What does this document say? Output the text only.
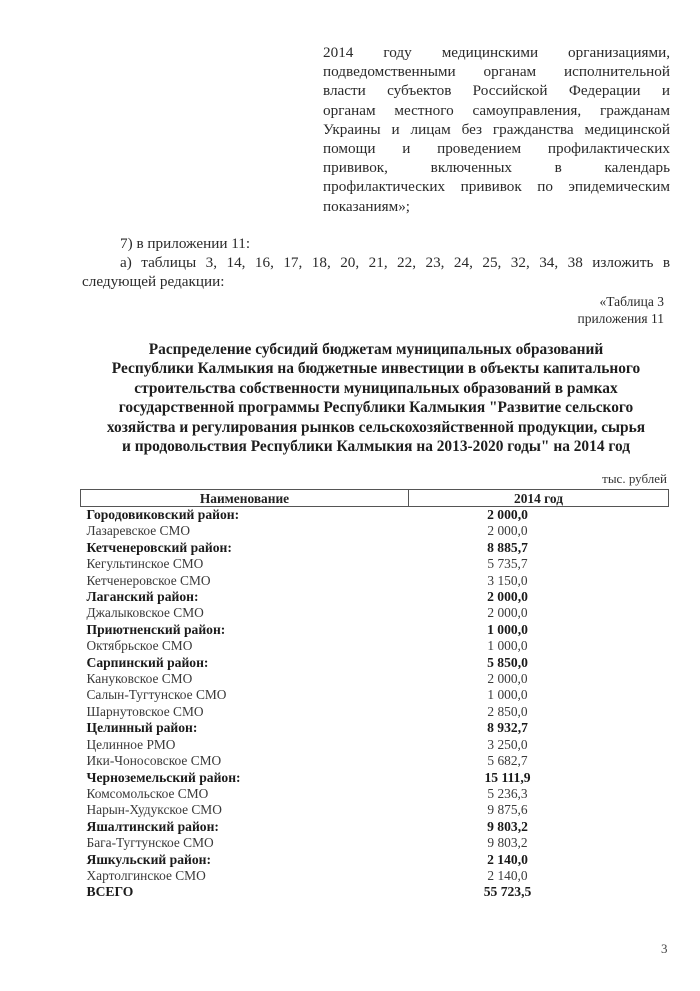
2014 году медицинскими организациями,
подведомственными органам исполнительной
власти субъектов Российской Федерации и
органам местного самоуправления, гражданам
Украины и лицам без гражданства медицинской
помощи и проведением профилактических
прививок, включенных в календарь
профилактических прививок по эпидемическим
показаниям»;
7) в приложении 11:
а) таблицы 3, 14, 16, 17, 18, 20, 21, 22, 23, 24, 25, 32, 34, 38 изложить в
следующей редакции:
«Таблица 3
приложения 11
Распределение субсидий бюджетам муниципальных образований
Республики Калмыкия на бюджетные инвестиции в объекты капитального
строительства собственности муниципальных образований в рамках
государственной программы Республики Калмыкия "Развитие сельского
хозяйства и регулирования рынков сельскохозяйственной продукции, сырья
и продовольствия Республики Калмыкия на 2013-2020 годы" на 2014 год
тыс. рублей
Наименование	2014 год
Городовиковский район:	2 000,0
Лазаревское СМО	2 000,0
Кетченеровский район:	8 885,7
Кегультинское СМО	5 735,7
Кетченеровское СМО	3 150,0
Лаганский район:	2 000,0
Джалыковское СМО	2 000,0
Приютненский район:	1 000,0
Октябрьское СМО	1 000,0
Сарпинский район:	5 850,0
Кануковское СМО	2 000,0
Салын-Тугтунское СМО	1 000,0
Шарнутовское СМО	2 850,0
Целинный район:	8 932,7
Целинное РМО	3 250,0
Ики-Чоносовское СМО	5 682,7
Черноземельский район:	15 111,9
Комсомольское СМО	5 236,3
Нарын-Худукское СМО	9 875,6
Яшалтинский район:	9 803,2
Бага-Тугтунское СМО	9 803,2
Яшкульский район:	2 140,0
Хартолгинское СМО	2 140,0
ВСЕГО	55 723,5
3
